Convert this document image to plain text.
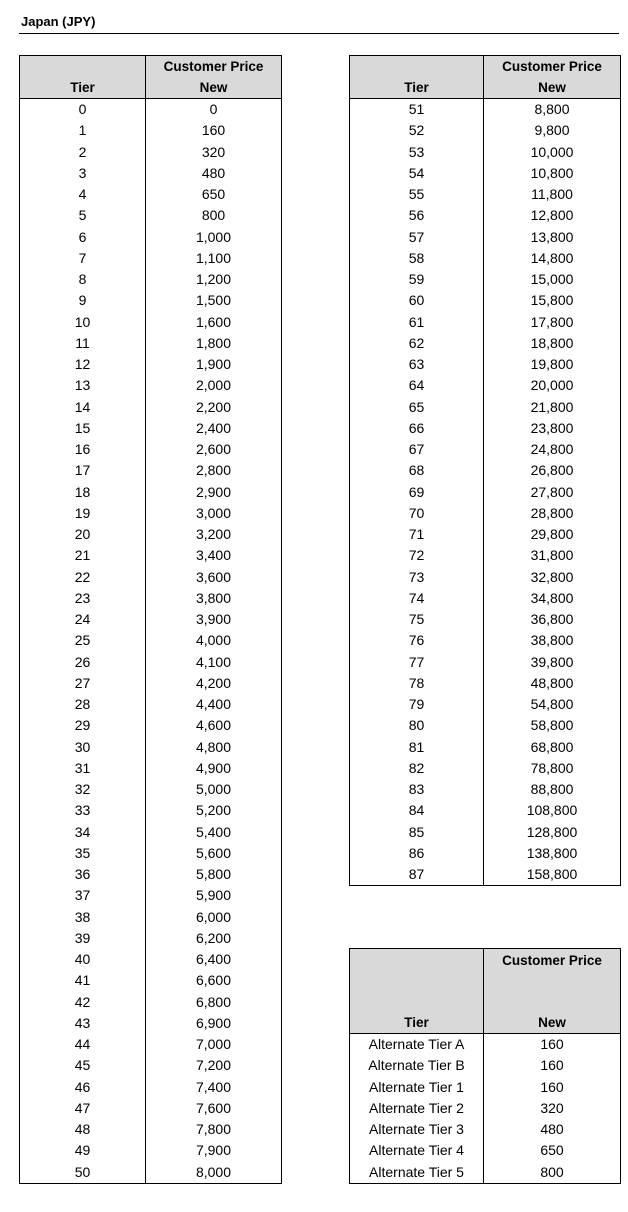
Japan (JPY)
Tier	Customer Price
New

0	0
1	160
2	320
3	480
4	650
5	800
6	1,000
7	1,100
8	1,200
9	1,500
10	1,600
11	1,800
12	1,900
13	2,000
14	2,200
15	2,400
16	2,600
17	2,800
18	2,900
19	3,000
20	3,200
21	3,400
22	3,600
23	3,800
24	3,900
25	4,000
26	4,100
27	4,200
28	4,400
29	4,600
30	4,800
31	4,900
32	5,000
33	5,200
34	5,400
35	5,600
36	5,800
37	5,900
38	6,000
39	6,200
40	6,400
41	6,600
42	6,800
43	6,900
44	7,000
45	7,200
46	7,400
47	7,600
48	7,800
49	7,900
50	8,000
Tier	Customer Price
New

51	8,800
52	9,800
53	10,000
54	10,800
55	11,800
56	12,800
57	13,800
58	14,800
59	15,000
60	15,800
61	17,800
62	18,800
63	19,800
64	20,000
65	21,800
66	23,800
67	24,800
68	26,800
69	27,800
70	28,800
71	29,800
72	31,800
73	32,800
74	34,800
75	36,800
76	38,800
77	39,800
78	48,800
79	54,800
80	58,800
81	68,800
82	78,800
83	88,800
84	108,800
85	128,800
86	138,800
87	158,800
Tier	Customer Price
New

Alternate Tier A	160
Alternate Tier B	160
Alternate Tier 1	160
Alternate Tier 2	320
Alternate Tier 3	480
Alternate Tier 4	650
Alternate Tier 5	800
